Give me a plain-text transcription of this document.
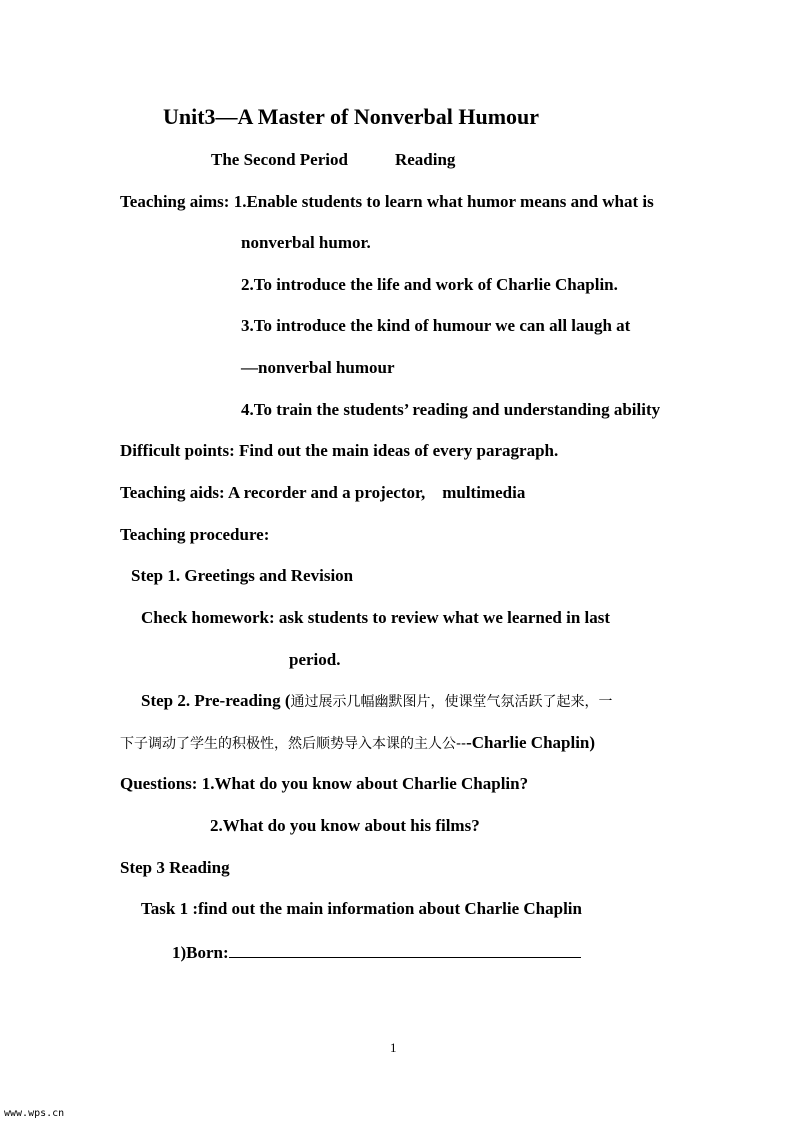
Unit3—A Master of Nonverbal Humour
The Second Period	Reading
Teaching aims: 1.Enable students to learn what humor means and what is
nonverbal humor.
2.To introduce the life and work of Charlie Chaplin.
3.To introduce the kind of humour we can all laugh at
—nonverbal humour
4.To train the students’ reading and understanding ability
Difficult points: Find out the main ideas of every paragraph.
Teaching aids: A recorder and a projector,    multimedia
Teaching procedure:
Step 1. Greetings and Revision
Check homework: ask students to review what we learned in last
period.
Step 2. Pre-reading (通过展示几幅幽默图片，使课堂气氛活跃了起来，一
下子调动了学生的积极性，然后顺势导入本课的主人公---Charlie Chaplin)
Questions: 1.What do you know about Charlie Chaplin?
2.What do you know about his films?
Step 3 Reading
Task 1 :find out the main information about Charlie Chaplin
1)Born:
1
www.wps.cn
